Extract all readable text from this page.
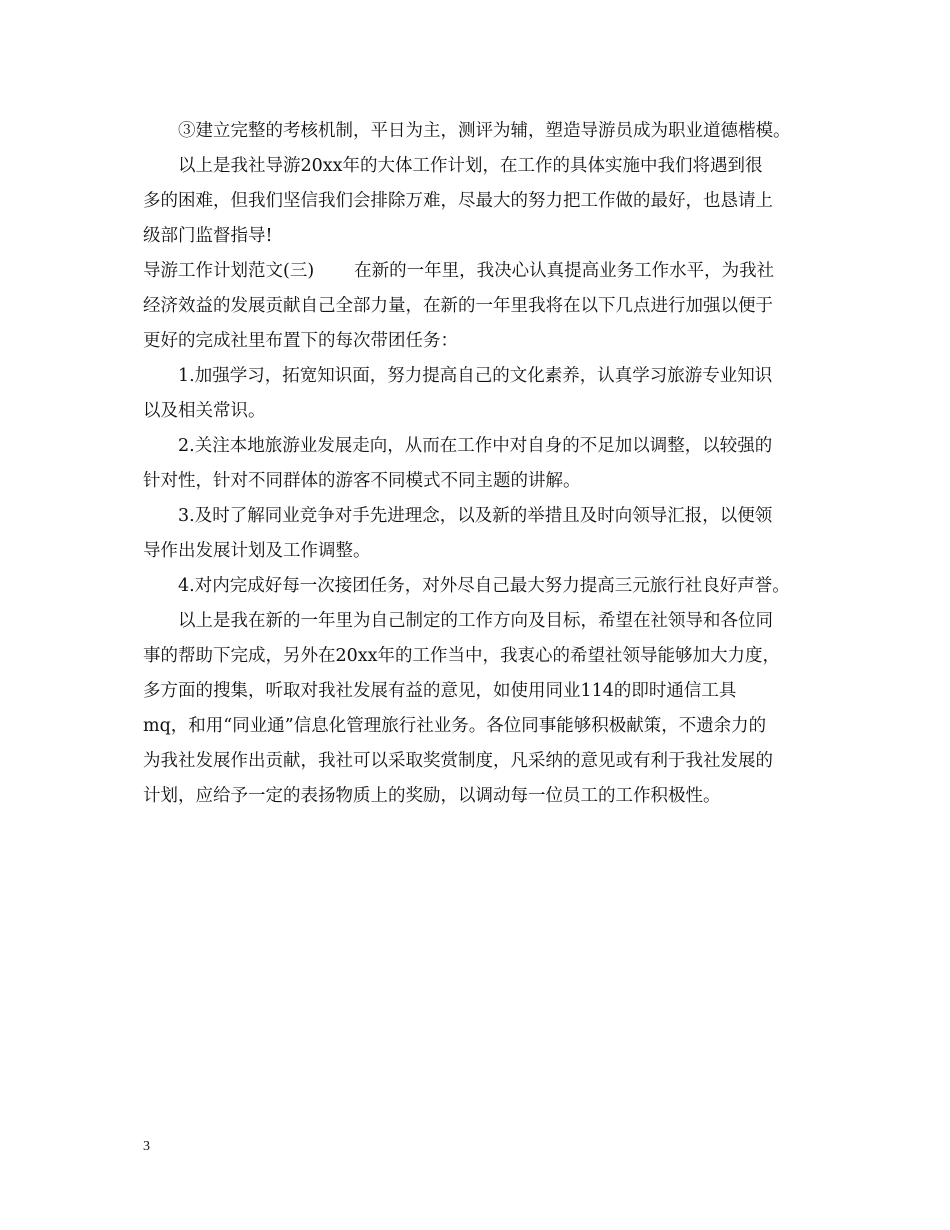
③建立完整的考核机制，平日为主，测评为辅，塑造导游员成为职业道德楷模。
以上是我社导游20xx年的大体工作计划，在工作的具体实施中我们将遇到很
多的困难，但我们坚信我们会排除万难，尽最大的努力把工作做的最好，也恳请上
级部门监督指导!
导游工作计划范文(三) 在新的一年里，我决心认真提高业务工作水平，为我社
经济效益的发展贡献自己全部力量，在新的一年里我将在以下几点进行加强以便于
更好的完成社里布置下的每次带团任务：
1.加强学习，拓宽知识面，努力提高自己的文化素养，认真学习旅游专业知识
以及相关常识。
2.关注本地旅游业发展走向，从而在工作中对自身的不足加以调整，以较强的
针对性，针对不同群体的游客不同模式不同主题的讲解。
3.及时了解同业竞争对手先进理念，以及新的举措且及时向领导汇报，以便领
导作出发展计划及工作调整。
4.对内完成好每一次接团任务，对外尽自己最大努力提高三元旅行社良好声誉。
以上是我在新的一年里为自己制定的工作方向及目标，希望在社领导和各位同
事的帮助下完成，另外在20xx年的工作当中，我衷心的希望社领导能够加大力度，
多方面的搜集，听取对我社发展有益的意见，如使用同业114的即时通信工具
mq，和用“同业通”信息化管理旅行社业务。各位同事能够积极献策，不遗余力的
为我社发展作出贡献，我社可以采取奖赏制度，凡采纳的意见或有利于我社发展的
计划，应给予一定的表扬物质上的奖励，以调动每一位员工的工作积极性。
3
